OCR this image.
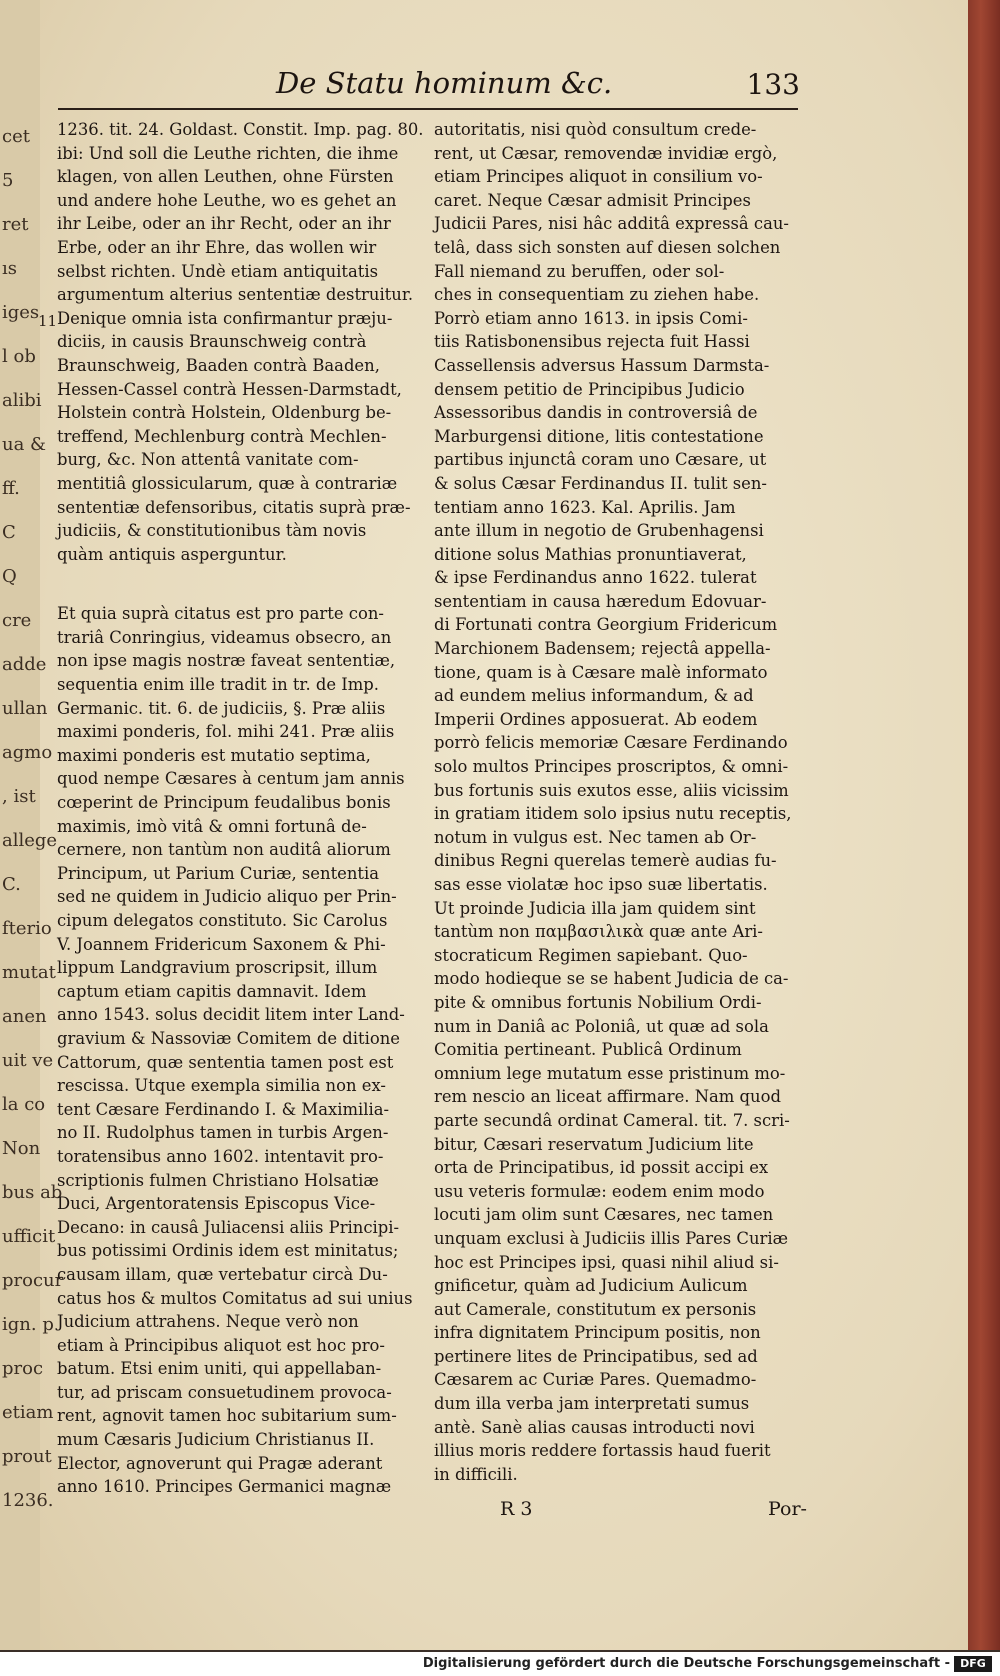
cet
5
ret
ıs
iges
l ob
alibi
ua &
ff.
C
Q
cre
adde
ullan
agmo
, ist
allege
C.
fterio
mutat
anen
uit ve
la co
Non
bus ab
ufficit
procur
ign. p
proc
etiam
prout
1236.
De Statu hominum &c.	133
11
1236. tit. 24. Goldast. Constit. Imp. pag. 80.
ibi: Und soll die Leuthe richten, die ihme
klagen, von allen Leuthen, ohne Fürsten
und andere hohe Leuthe, wo es gehet an
ihr Leibe, oder an ihr Recht, oder an ihr
Erbe, oder an ihr Ehre, das wollen wir
selbst richten. Undè etiam antiquitatis
argumentum alterius sententiæ destruitur.
Denique omnia ista confirmantur præju-
diciis, in causis Braunschweig contrà
Braunschweig, Baaden contrà Baaden,
Hessen-Cassel contrà Hessen-Darmstadt,
Holstein contrà Holstein, Oldenburg be-
treffend, Mechlenburg contrà Mechlen-
burg, &c. Non attentâ vanitate com-
mentitiâ glossicularum, quæ à contrariæ
sententiæ defensoribus, citatis suprà præ-
judiciis, & constitutionibus tàm novis
quàm antiquis asperguntur.
Et quia suprà citatus est pro parte con-
trariâ Conringius, videamus obsecro, an
non ipse magis nostræ faveat sententiæ,
sequentia enim ille tradit in tr. de Imp.
Germanic. tit. 6. de judiciis, §. Præ aliis
maximi ponderis, fol. mihi 241. Præ aliis
maximi ponderis est mutatio septima,
quod nempe Cæsares à centum jam annis
cœperint de Principum feudalibus bonis
maximis, imò vitâ & omni fortunâ de-
cernere, non tantùm non auditâ aliorum
Principum, ut Parium Curiæ, sententia
sed ne quidem in Judicio aliquo per Prin-
cipum delegatos constituto. Sic Carolus
V. Joannem Fridericum Saxonem & Phi-
lippum Landgravium proscripsit, illum
captum etiam capitis damnavit. Idem
anno 1543. solus decidit litem inter Land-
gravium & Nassoviæ Comitem de ditione
Cattorum, quæ sententia tamen post est
rescissa. Utque exempla similia non ex-
tent Cæsare Ferdinando I. & Maximilia-
no II. Rudolphus tamen in turbis Argen-
toratensibus anno 1602. intentavit pro-
scriptionis fulmen Christiano Holsatiæ
Duci, Argentoratensis Episcopus Vice-
Decano: in causâ Juliacensi aliis Principi-
bus potissimi Ordinis idem est minitatus;
causam illam, quæ vertebatur circà Du-
catus hos & multos Comitatus ad sui unius
Judicium attrahens. Neque verò non
etiam à Principibus aliquot est hoc pro-
batum. Etsi enim uniti, qui appellaban-
tur, ad priscam consuetudinem provoca-
rent, agnovit tamen hoc subitarium sum-
mum Cæsaris Judicium Christianus II.
Elector, agnoverunt qui Pragæ aderant
anno 1610. Principes Germanici magnæ
autoritatis, nisi quòd consultum crede-
rent, ut Cæsar, removendæ invidiæ ergò,
etiam Principes aliquot in consilium vo-
caret. Neque Cæsar admisit Principes
Judicii Pares, nisi hâc additâ expressâ cau-
telâ, dass sich sonsten auf diesen solchen
Fall niemand zu beruffen, oder sol-
ches in consequentiam zu ziehen habe.
Porrò etiam anno 1613. in ipsis Comi-
tiis Ratisbonensibus rejecta fuit Hassi
Cassellensis adversus Hassum Darmsta-
densem petitio de Principibus Judicio
Assessoribus dandis in controversiâ de
Marburgensi ditione, litis contestatione
partibus injunctâ coram uno Cæsare, ut
& solus Cæsar Ferdinandus II. tulit sen-
tentiam anno 1623. Kal. Aprilis. Jam
ante illum in negotio de Grubenhagensi
ditione solus Mathias pronuntiaverat,
& ipse Ferdinandus anno 1622. tulerat
sententiam in causa hæredum Edovuar-
di Fortunati contra Georgium Fridericum
Marchionem Badensem; rejectâ appella-
tione, quam is à Cæsare malè informato
ad eundem melius informandum, & ad
Imperii Ordines apposuerat. Ab eodem
porrò felicis memoriæ Cæsare Ferdinando
solo multos Principes proscriptos, & omni-
bus fortunis suis exutos esse, aliis vicissim
in gratiam itidem solo ipsius nutu receptis,
notum in vulgus est. Nec tamen ab Or-
dinibus Regni querelas temerè audias fu-
sas esse violatæ hoc ipso suæ libertatis.
Ut proinde Judicia illa jam quidem sint
tantùm non παμβασιλικὰ quæ ante Ari-
stocraticum Regimen sapiebant. Quo-
modo hodieque se se habent Judicia de ca-
pite & omnibus fortunis Nobilium Ordi-
num in Daniâ ac Poloniâ, ut quæ ad sola
Comitia pertineant. Publicâ Ordinum
omnium lege mutatum esse pristinum mo-
rem nescio an liceat affirmare. Nam quod
parte secundâ ordinat Cameral. tit. 7. scri-
bitur, Cæsari reservatum Judicium lite
orta de Principatibus, id possit accipi ex
usu veteris formulæ: eodem enim modo
locuti jam olim sunt Cæsares, nec tamen
unquam exclusi à Judiciis illis Pares Curiæ
hoc est Principes ipsi, quasi nihil aliud si-
gnificetur, quàm ad Judicium Aulicum
aut Camerale, constitutum ex personis
infra dignitatem Principum positis, non
pertinere lites de Principatibus, sed ad
Cæsarem ac Curiæ Pares. Quemadmo-
dum illa verba jam interpretati sumus
antè. Sanè alias causas introducti novi
illius moris reddere fortassis haud fuerit
in difficili.
R 3	Por-
Digitalisierung gefördert durch die Deutsche Forschungsgemeinschaft - DFG
